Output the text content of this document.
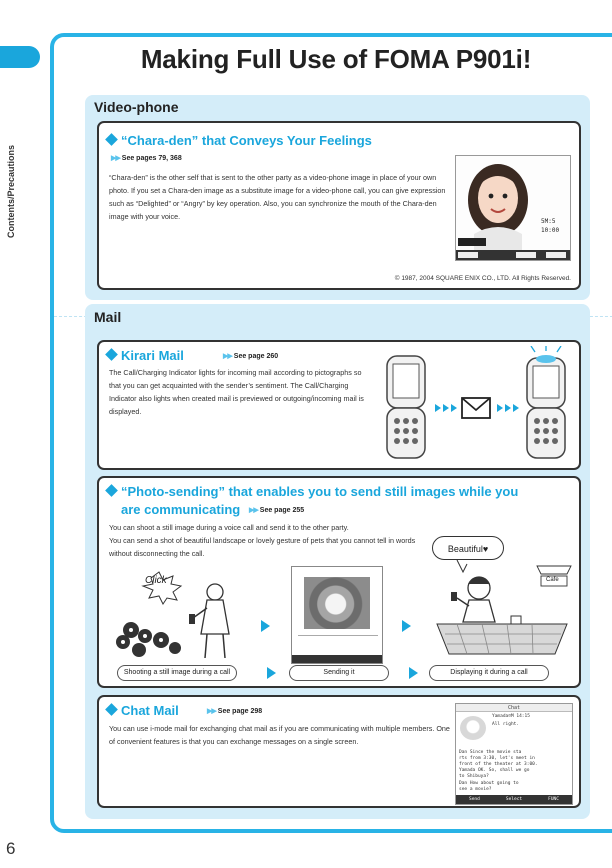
Contents/Precautions
Making Full Use of FOMA P901i!
Video-phone
“Chara-den” that Conveys Your Feelings
▶▶ See pages 79, 368
“Chara-den” is the other self that is sent to the other party as a video-phone image in place of your own photo. If you set a Chara-den image as a substitute image for a video-phone call, you can give expression such as “Delighted” or “Angry” by key operation. Also, you can synchronize the mouth of the Chara-den image with your voice.
5M:5
10:00
© 1987, 2004 SQUARE ENIX CO., LTD. All Rights Reserved.
Mail
Kirari Mail	▶▶ See page 260
The Call/Charging Indicator lights for incoming mail according to pictographs so that you can get acquainted with the sender’s sentiment. The Call/Charging Indicator also lights when created mail is previewed or outgoing/incoming mail is displayed.
“Photo-sending” that enables you to send still images while you
are communicating ▶▶ See page 255
You can shoot a still image during a voice call and send it to the other party.
You can send a shot of beautiful landscape or lovely gesture of pets that you cannot tell in words without disconnecting the call.
Click
Beautiful♥
Cafe
Shooting a still image during a call	Sending it	Displaying it during a call
Chat Mail	▶▶ See page 298
You can use i-mode mail for exchanging chat mail as if you are communicating with multiple members. One of convenient features is that you can exchange messages on a single screen.
Chat
Yamada☺M 14:15
All right.
Dan Since the movie sta
rts from 3:30, let's meet in
front of the theater at 3:00.
Yamada OK. So, shall we go
to Shibuya?
Dan How about going to
see a movie?
Send	Select	FUNC
6
